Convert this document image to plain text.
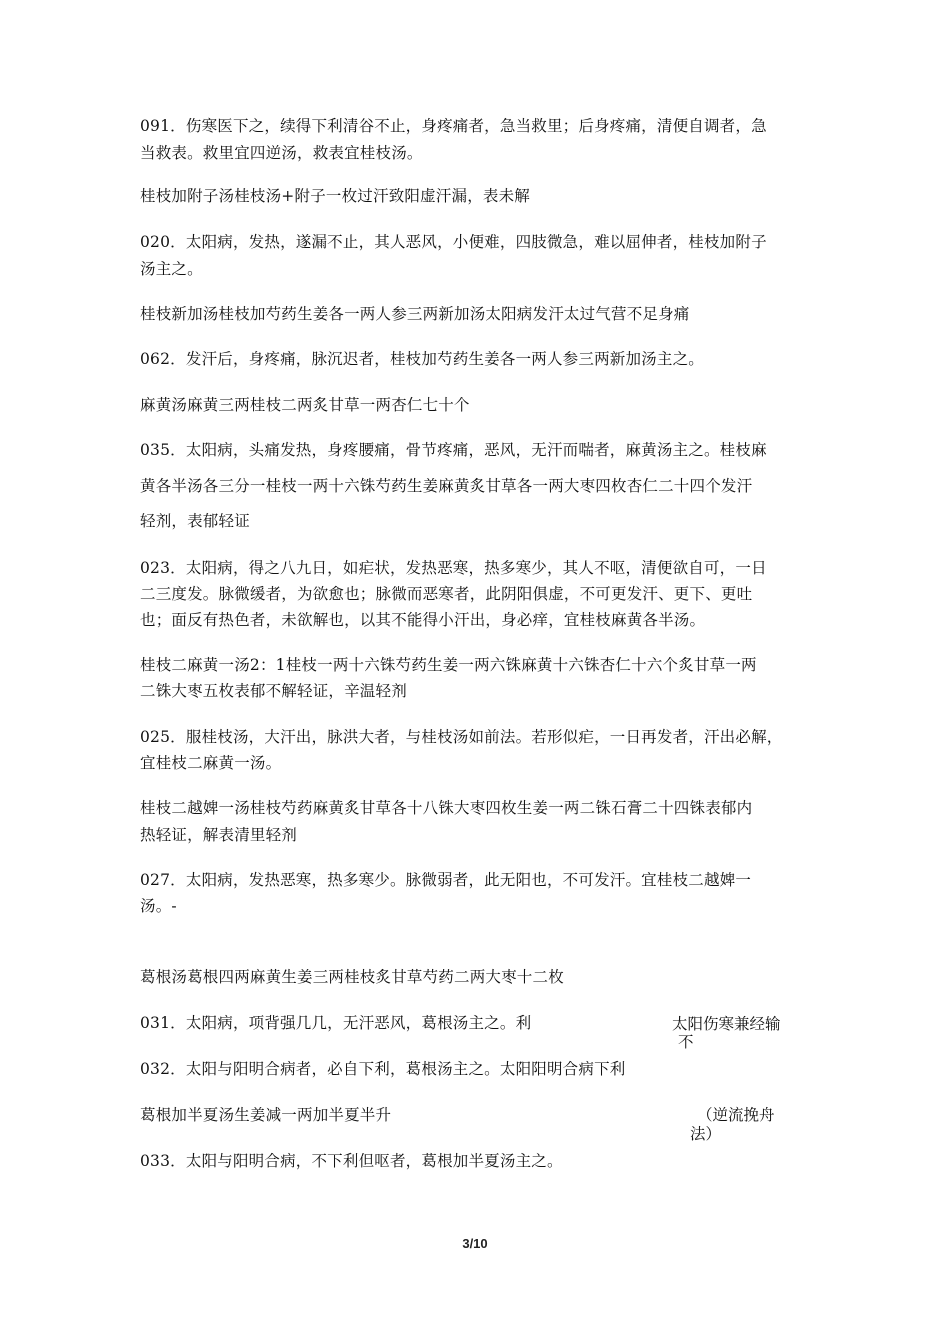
091．伤寒医下之，续得下利清谷不止，身疼痛者，急当救里；后身疼痛，清便自调者，急
当救表。救里宜四逆汤，救表宜桂枝汤。
桂枝加附子汤桂枝汤+附子一枚过汗致阳虚汗漏，表未解
020．太阳病，发热，遂漏不止，其人恶风，小便难，四肢微急，难以屈伸者，桂枝加附子
汤主之。
桂枝新加汤桂枝加芍药生姜各一两人参三两新加汤太阳病发汗太过气营不足身痛
062．发汗后，身疼痛，脉沉迟者，桂枝加芍药生姜各一两人参三两新加汤主之。
麻黄汤麻黄三两桂枝二两炙甘草一两杏仁七十个
035．太阳病，头痛发热，身疼腰痛，骨节疼痛，恶风，无汗而喘者，麻黄汤主之。桂枝麻
黄各半汤各三分一桂枝一两十六铢芍药生姜麻黄炙甘草各一两大枣四枚杏仁二十四个发汗
轻剂，表郁轻证
023．太阳病，得之八九日，如疟状，发热恶寒，热多寒少，其人不呕，清便欲自可，一日
二三度发。脉微缓者，为欲愈也；脉微而恶寒者，此阴阳俱虚，不可更发汗、更下、更吐
也；面反有热色者，未欲解也，以其不能得小汗出，身必痒，宜桂枝麻黄各半汤。
桂枝二麻黄一汤2：1桂枝一两十六铢芍药生姜一两六铢麻黄十六铢杏仁十六个炙甘草一两
二铢大枣五枚表郁不解轻证，辛温轻剂
025．服桂枝汤，大汗出，脉洪大者，与桂枝汤如前法。若形似疟，一日再发者，汗出必解，
宜桂枝二麻黄一汤。
桂枝二越婢一汤桂枝芍药麻黄炙甘草各十八铢大枣四枚生姜一两二铢石膏二十四铢表郁内
热轻证，解表清里轻剂
027．太阳病，发热恶寒，热多寒少。脉微弱者，此无阳也，不可发汗。宜桂枝二越婢一
汤。-
葛根汤葛根四两麻黄生姜三两桂枝炙甘草芍药二两大枣十二枚
031．太阳病，项背强几几，无汗恶风，葛根汤主之。利
032．太阳与阳明合病者，必自下利，葛根汤主之。太阳阳明合病下利
葛根加半夏汤生姜减一两加半夏半升
033．太阳与阳明合病，不下利但呕者，葛根加半夏汤主之。
太阳伤寒兼经输
不
（逆流挽舟
法）
3/10
